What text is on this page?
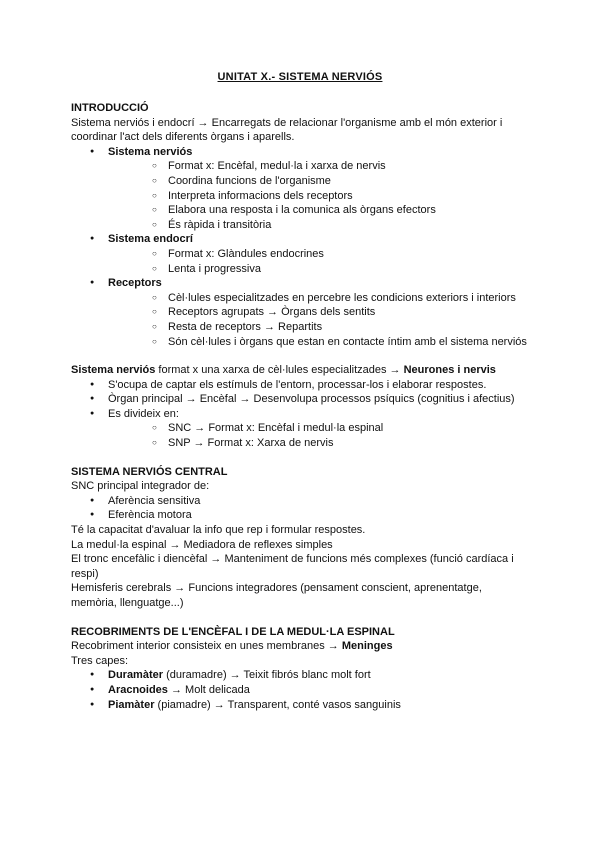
UNITAT X.- SISTEMA NERVIÓS

INTRODUCCIÓ

Sistema nerviós i endocrí → Encarregats de relacionar l'organisme amb el món exterior i

coordinar l'act dels diferents òrgans i aparells.

● Sistema nerviós
○ Format x: Encèfal, medul·la i xarxa de nervis
○ Coordina funcions de l'organisme
○ Interpreta informacions dels receptors
○ Elabora una resposta i la comunica als òrgans efectors
○ És ràpida i transitòria
● Sistema endocrí
○ Format x: Glàndules endocrines
○ Lenta i progressiva
● Receptors
○ Cèl·lules especialitzades en percebre les condicions exteriors i interiors
○ Receptors agrupats → Òrgans dels sentits
○ Resta de receptors → Repartits
○ Són cèl·lules i òrgans que estan en contacte íntim amb el sistema nerviós

Sistema nerviós format x una xarxa de cèl·lules especialitzades → Neurones i nervis

● S'ocupa de captar els estímuls de l'entorn, processar-los i elaborar respostes.
● Òrgan principal → Encèfal → Desenvolupa processos psíquics (cognitius i afectius)
● Es divideix en:
○ SNC → Format x: Encèfal i medul·la espinal
○ SNP → Format x: Xarxa de nervis

SISTEMA NERVIÓS CENTRAL

SNC principal integrador de:

● Aferència sensitiva
● Eferència motora

Té la capacitat d'avaluar la info que rep i formular respostes.

La medul·la espinal → Mediadora de reflexes simples

El tronc encefàlic i diencèfal → Manteniment de funcions més complexes (funció cardíaca i

respi)

Hemisferis cerebrals → Funcions integradores (pensament conscient, aprenentatge,

memòria, llenguatge...)

RECOBRIMENTS DE L'ENCÈFAL I DE LA MEDUL·LA ESPINAL

Recobriment interior consisteix en unes membranes → Meninges

Tres capes:

● Duramàter (duramadre) → Teixit fibrós blanc molt fort
● Aracnoides → Molt delicada
● Piamàter (piamadre) → Transparent, conté vasos sanguinis
